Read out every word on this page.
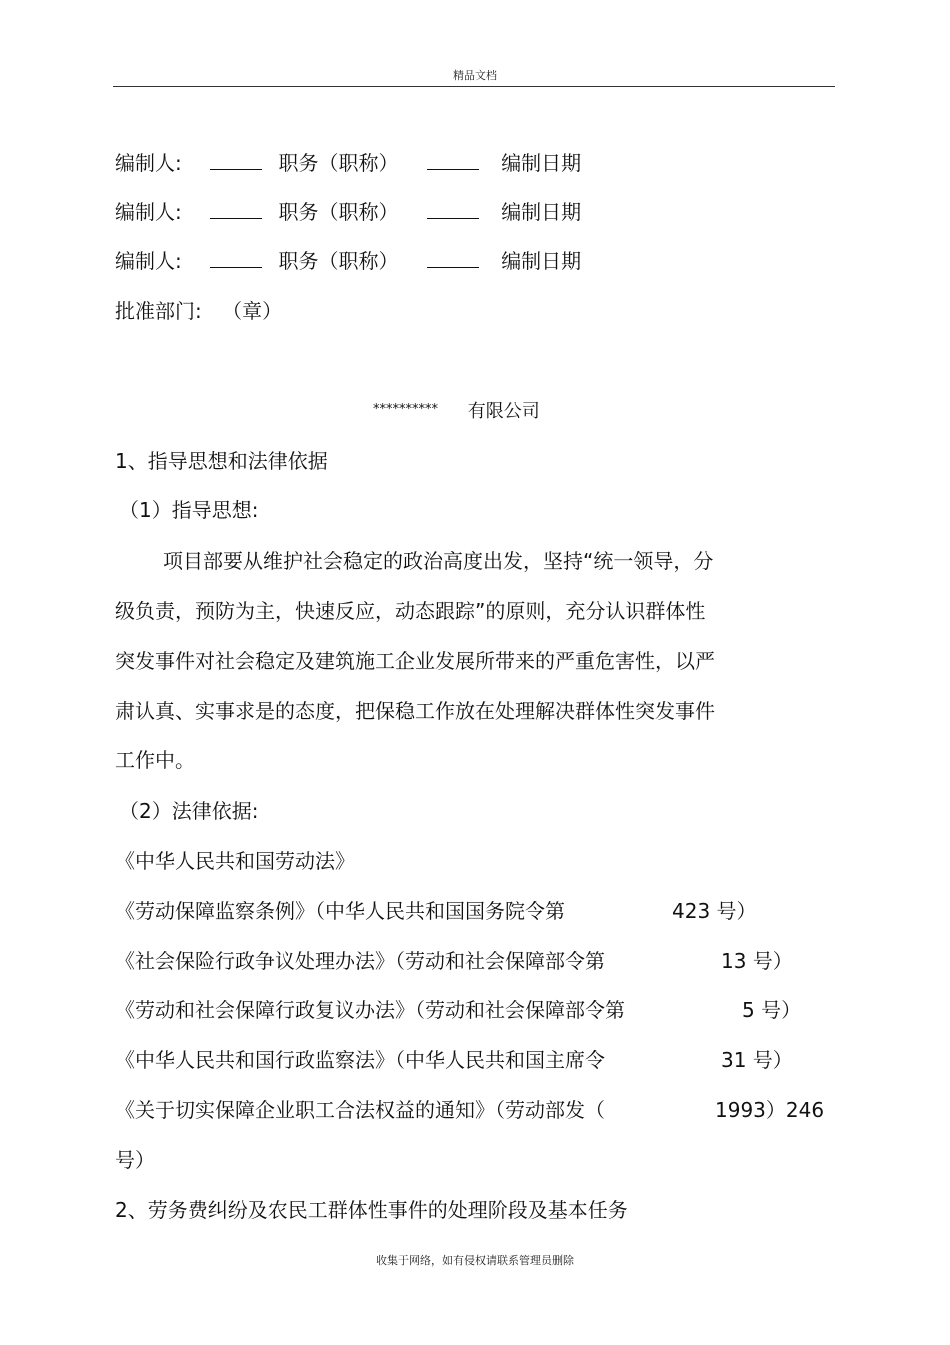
精品文档
编制人:	职务（职称）	编制日期
编制人:	职务（职称）	编制日期
编制人:	职务（职称）	编制日期
批准部门: （章）
********** 有限公司
1、指导思想和法律依据
（1）指导思想:
项目部要从维护社会稳定的政治高度出发，坚持“统一领导，分
级负责，预防为主，快速反应，动态跟踪”的原则，充分认识群体性
突发事件对社会稳定及建筑施工企业发展所带来的严重危害性，以严
肃认真、实事求是的态度，把保稳工作放在处理解决群体性突发事件
工作中。
（2）法律依据:
《中华人民共和国劳动法》
《劳动保障监察条例》（中华人民共和国国务院令第	423 号）
《社会保险行政争议处理办法》（劳动和社会保障部令第	13 号）
《劳动和社会保障行政复议办法》（劳动和社会保障部令第	5 号）
《中华人民共和国行政监察法》（中华人民共和国主席令	31 号）
《关于切实保障企业职工合法权益的通知》（劳动部发（	1993）246
号）
2、劳务费纠纷及农民工群体性事件的处理阶段及基本任务
收集于网络，如有侵权请联系管理员删除
